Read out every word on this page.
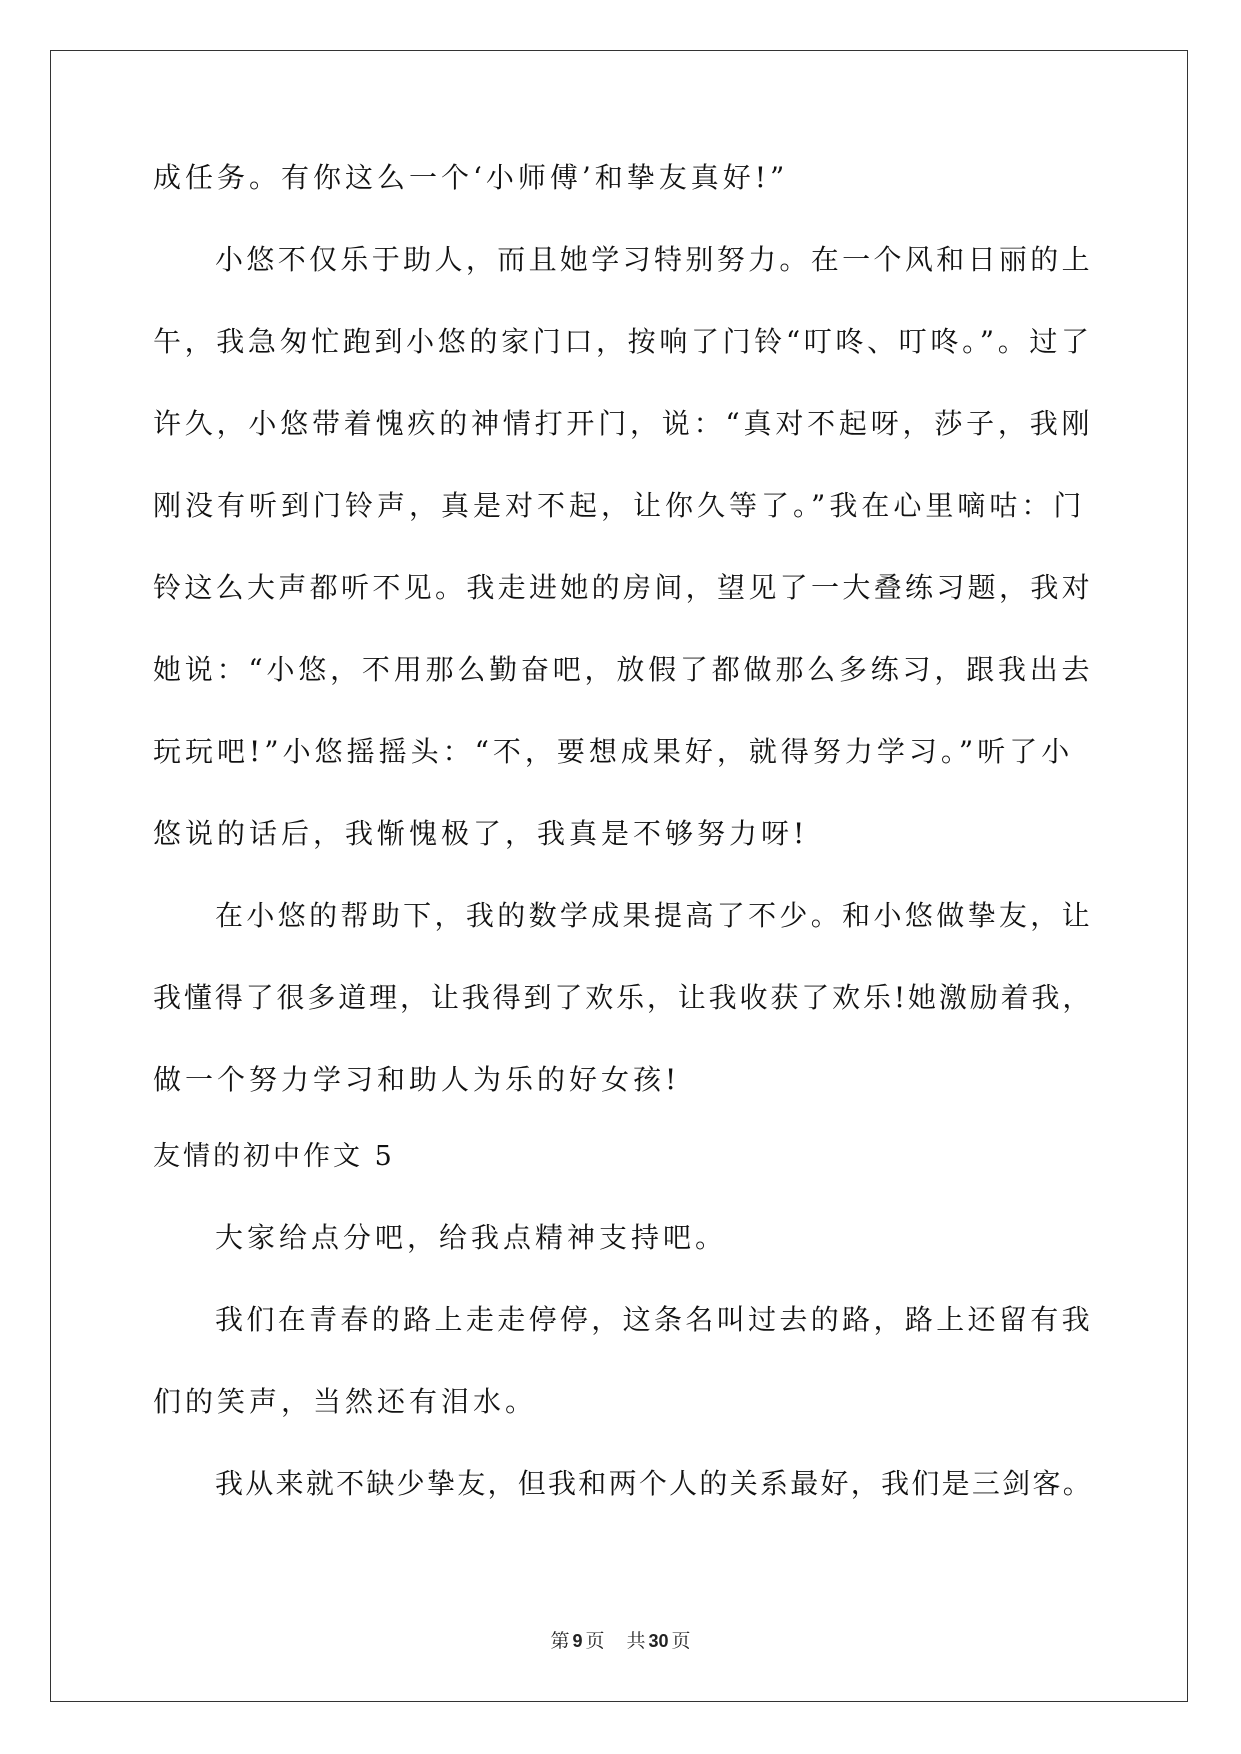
成任务。有你这么一个‘小师傅’和挚友真好!”
小悠不仅乐于助人，而且她学习特别努力。在一个风和日丽的上
午，我急匆忙跑到小悠的家门口，按响了门铃“叮咚、叮咚。”。过了
许久，小悠带着愧疚的神情打开门，说：“真对不起呀，莎子，我刚
刚没有听到门铃声，真是对不起，让你久等了。”我在心里嘀咕：门
铃这么大声都听不见。我走进她的房间，望见了一大叠练习题，我对
她说：“小悠，不用那么勤奋吧，放假了都做那么多练习，跟我出去
玩玩吧!”小悠摇摇头：“不，要想成果好，就得努力学习。”听了小
悠说的话后，我惭愧极了，我真是不够努力呀!
在小悠的帮助下，我的数学成果提高了不少。和小悠做挚友，让
我懂得了很多道理，让我得到了欢乐，让我收获了欢乐!她激励着我，
做一个努力学习和助人为乐的好女孩!
友情的初中作文 5
大家给点分吧，给我点精神支持吧。
我们在青春的路上走走停停，这条名叫过去的路，路上还留有我
们的笑声，当然还有泪水。
我从来就不缺少挚友，但我和两个人的关系最好，我们是三剑客。
第 9 页 共 30 页
